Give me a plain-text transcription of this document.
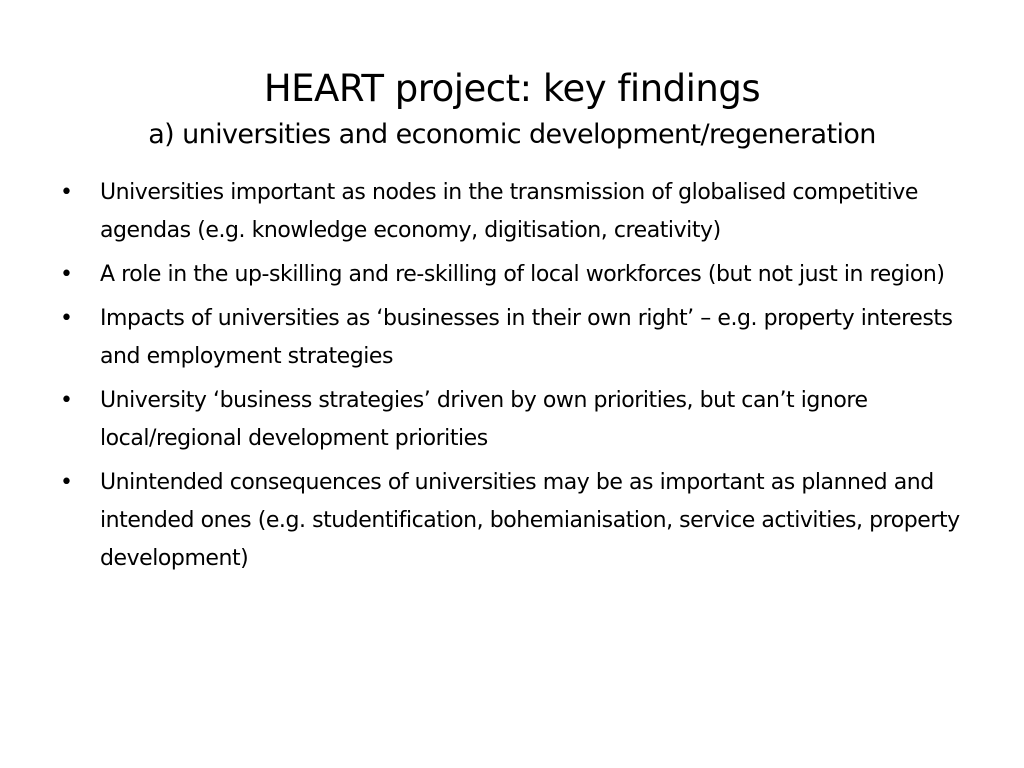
HEART project: key findings
a) universities and economic development/regeneration
•	Universities important as nodes in the transmission of globalised competitive agendas (e.g. knowledge economy, digitisation, creativity)
•	A role in the up-skilling and re-skilling of local workforces (but not just in region)
•	Impacts of universities as ‘businesses in their own right’ – e.g. property interests and employment strategies
•	University ‘business strategies’ driven by own priorities, but can’t ignore local/regional development priorities
•	Unintended consequences of universities may be as important as planned and intended ones (e.g. studentification, bohemianisation, service activities, property development)
